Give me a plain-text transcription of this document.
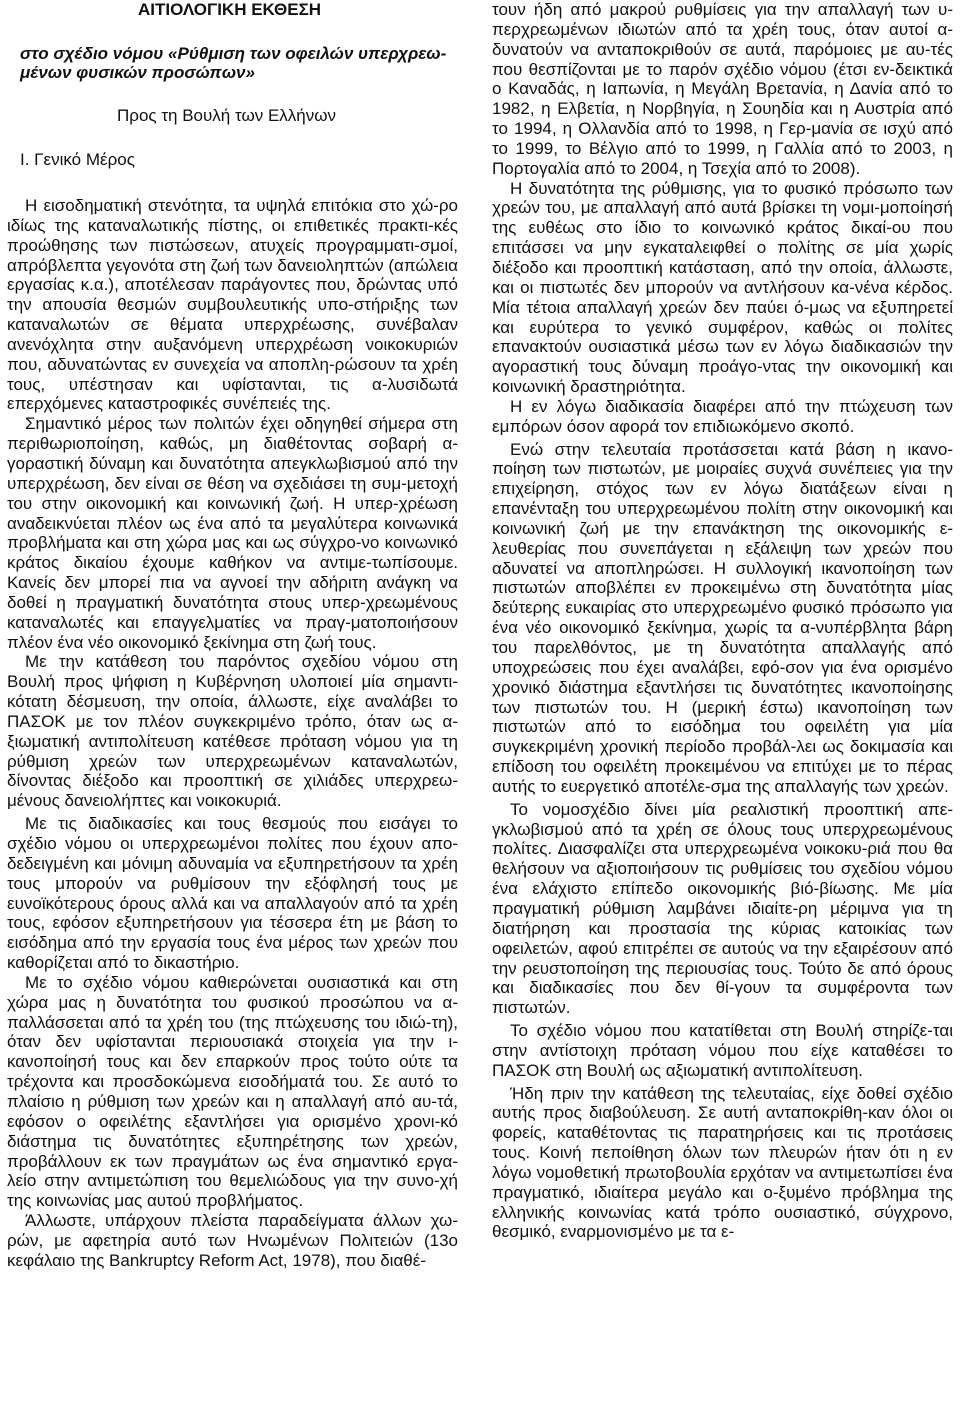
ΑΙΤΙΟΛΟΓΙΚΗ ΕΚΘΕΣΗ
στο σχέδιο νόμου «Ρύθμιση των οφειλών υπερχρεω-
μένων φυσικών προσώπων»
Προς τη Βουλή των Ελλήνων
Ι. Γενικό Μέρος

Η εισοδηματική στενότητα, τα υψηλά επιτόκια στο χώ-ρο ιδίως της καταναλωτικής πίστης, οι επιθετικές πρακτι-κές προώθησης των πιστώσεων, ατυχείς προγραμματι-σμοί, απρόβλεπτα γεγονότα στη ζωή των δανειοληπτών (απώλεια εργασίας κ.α.), αποτέλεσαν παράγοντες που, δρώντας υπό την απουσία θεσμών συμβουλευτικής υπο-στήριξης των καταναλωτών σε θέματα υπερχρέωσης, συνέβαλαν ανενόχλητα στην αυξανόμενη υπερχρέωση νοικοκυριών που, αδυνατώντας εν συνεχεία να αποπλη-ρώσουν τα χρέη τους, υπέστησαν και υφίστανται, τις α-λυσιδωτά επερχόμενες καταστροφικές συνέπειές της.

Σημαντικό μέρος των πολιτών έχει οδηγηθεί σήμερα στη περιθωριοποίηση, καθώς, μη διαθέτοντας σοβαρή α-γοραστική δύναμη και δυνατότητα απεγκλωβισμού από την υπερχρέωση, δεν είναι σε θέση να σχεδιάσει τη συμ-μετοχή του στην οικονομική και κοινωνική ζωή. Η υπερ-χρέωση αναδεικνύεται πλέον ως ένα από τα μεγαλύτερα κοινωνικά προβλήματα και στη χώρα μας και ως σύγχρο-νο κοινωνικό κράτος δικαίου έχουμε καθήκον να αντιμε-τωπίσουμε. Κανείς δεν μπορεί πια να αγνοεί την αδήριτη ανάγκη να δοθεί η πραγματική δυνατότητα στους υπερ-χρεωμένους καταναλωτές και επαγγελματίες να πραγ-ματοποιήσουν πλέον ένα νέο οικονομικό ξεκίνημα στη ζωή τους.

Με την κατάθεση του παρόντος σχεδίου νόμου στη Βουλή προς ψήφιση η Κυβέρνηση υλοποιεί μία σημαντι-κότατη δέσμευση, την οποία, άλλωστε, είχε αναλάβει το ΠΑΣΟΚ με τον πλέον συγκεκριμένο τρόπο, όταν ως α-ξιωματική αντιπολίτευση κατέθεσε πρόταση νόμου για τη ρύθμιση χρεών των υπερχρεωμένων καταναλωτών, δίνοντας διέξοδο και προοπτική σε χιλιάδες υπερχρεω-μένους δανειολήπτες και νοικοκυριά.

Με τις διαδικασίες και τους θεσμούς που εισάγει το σχέδιο νόμου οι υπερχρεωμένοι πολίτες που έχουν απο-δεδειγμένη και μόνιμη αδυναμία να εξυπηρετήσουν τα χρέη τους μπορούν να ρυθμίσουν την εξόφλησή τους με ευνοϊκότερους όρους αλλά και να απαλλαγούν από τα χρέη τους, εφόσον εξυπηρετήσουν για τέσσερα έτη με βάση το εισόδημα από την εργασία τους ένα μέρος των χρεών που καθορίζεται από το δικαστήριο.

Με το σχέδιο νόμου καθιερώνεται ουσιαστικά και στη χώρα μας η δυνατότητα του φυσικού προσώπου να α-παλλάσσεται από τα χρέη του (της πτώχευσης του ιδιώ-τη), όταν δεν υφίστανται περιουσιακά στοιχεία για την ι-κανοποίησή τους και δεν επαρκούν προς τούτο ούτε τα τρέχοντα και προσδοκώμενα εισοδήματά του. Σε αυτό το πλαίσιο η ρύθμιση των χρεών και η απαλλαγή από αυ-τά, εφόσον ο οφειλέτης εξαντλήσει για ορισμένο χρονι-κό διάστημα τις δυνατότητες εξυπηρέτησης των χρεών, προβάλλουν εκ των πραγμάτων ως ένα σημαντικό εργα-λείο στην αντιμετώπιση του θεμελιώδους για την συνο-χή της κοινωνίας μας αυτού προβλήματος.

Άλλωστε, υπάρχουν πλείστα παραδείγματα άλλων χω-ρών, με αφετηρία αυτό των Ηνωμένων Πολιτειών (13ο κεφάλαιο της Bankruptcy Reform Act, 1978), που διαθέ-

τουν ήδη από μακρού ρυθμίσεις για την απαλλαγή των υ-περχρεωμένων ιδιωτών από τα χρέη τους, όταν αυτοί α-δυνατούν να ανταποκριθούν σε αυτά, παρόμοιες με αυ-τές που θεσπίζονται με το παρόν σχέδιο νόμου (έτσι εν-δεικτικά ο Καναδάς, η Ιαπωνία, η Μεγάλη Βρετανία, η Δανία από το 1982, η Ελβετία, η Νορβηγία, η Σουηδία και η Αυστρία από το 1994, η Ολλανδία από το 1998, η Γερ-μανία σε ισχύ από το 1999, το Βέλγιο από το 1999, η Γαλλία από το 2003, η Πορτογαλία από το 2004, η Τσεχία από το 2008).

Η δυνατότητα της ρύθμισης, για το φυσικό πρόσωπο των χρεών του, με απαλλαγή από αυτά βρίσκει τη νομι-μοποίησή της ευθέως στο ίδιο το κοινωνικό κράτος δικαί-ου που επιτάσσει να μην εγκαταλειφθεί ο πολίτης σε μία χωρίς διέξοδο και προοπτική κατάσταση, από την οποία, άλλωστε, και οι πιστωτές δεν μπορούν να αντλήσουν κα-νένα κέρδος. Μία τέτοια απαλλαγή χρεών δεν παύει ό-μως να εξυπηρετεί και ευρύτερα το γενικό συμφέρον, καθώς οι πολίτες επανακτούν ουσιαστικά μέσω των εν λόγω διαδικασιών την αγοραστική τους δύναμη προάγο-ντας την οικονομική και κοινωνική δραστηριότητα.

Η εν λόγω διαδικασία διαφέρει από την πτώχευση των εμπόρων όσον αφορά τον επιδιωκόμενο σκοπό.

Ενώ στην τελευταία προτάσσεται κατά βάση η ικανο-ποίηση των πιστωτών, με μοιραίες συχνά συνέπειες για την επιχείρηση, στόχος των εν λόγω διατάξεων είναι η επανένταξη του υπερχρεωμένου πολίτη στην οικονομική και κοινωνική ζωή με την επανάκτηση της οικονομικής ε-λευθερίας που συνεπάγεται η εξάλειψη των χρεών που αδυνατεί να αποπληρώσει. Η συλλογική ικανοποίηση των πιστωτών αποβλέπει εν προκειμένω στη δυνατότητα μίας δεύτερης ευκαιρίας στο υπερχρεωμένο φυσικό πρόσωπο για ένα νέο οικονομικό ξεκίνημα, χωρίς τα α-νυπέρβλητα βάρη του παρελθόντος, με τη δυνατότητα απαλλαγής από υποχρεώσεις που έχει αναλάβει, εφό-σον για ένα ορισμένο χρονικό διάστημα εξαντλήσει τις δυνατότητες ικανοποίησης των πιστωτών του. Η (μερική έστω) ικανοποίηση των πιστωτών από το εισόδημα του οφειλέτη για μία συγκεκριμένη χρονική περίοδο προβάλ-λει ως δοκιμασία και επίδοση του οφειλέτη προκειμένου να επιτύχει με το πέρας αυτής το ευεργετικό αποτέλε-σμα της απαλλαγής των χρεών.

Το νομοσχέδιο δίνει μία ρεαλιστική προοπτική απε-γκλωβισμού από τα χρέη σε όλους τους υπερχρεωμένους πολίτες. Διασφαλίζει στα υπερχρεωμένα νοικοκυ-ριά που θα θελήσουν να αξιοποιήσουν τις ρυθμίσεις του σχεδίου νόμου ένα ελάχιστο επίπεδο οικονομικής βιό-βίωσης. Με μία πραγματική ρύθμιση λαμβάνει ιδιαίτε-ρη μέριμνα για τη διατήρηση και προστασία της κύριας κατοικίας των οφειλετών, αφού επιτρέπει σε αυτούς να την εξαιρέσουν από την ρευστοποίηση της περιουσίας τους. Τούτο δε από όρους και διαδικασίες που δεν θί-γουν τα συμφέροντα των πιστωτών.

Το σχέδιο νόμου που κατατίθεται στη Βουλή στηρίζε-ται στην αντίστοιχη πρόταση νόμου που είχε καταθέσει το ΠΑΣΟΚ στη Βουλή ως αξιωματική αντιπολίτευση.

Ήδη πριν την κατάθεση της τελευταίας, είχε δοθεί σχέδιο αυτής προς διαβούλευση. Σε αυτή ανταποκρίθη-καν όλοι οι φορείς, καταθέτοντας τις παρατηρήσεις και τις προτάσεις τους. Κοινή πεποίθηση όλων των πλευρών ήταν ότι η εν λόγω νομοθετική πρωτοβουλία ερχόταν να αντιμετωπίσει ένα πραγματικό, ιδιαίτερα μεγάλο και ο-ξυμένο πρόβλημα της ελληνικής κοινωνίας κατά τρόπο ουσιαστικό, σύγχρονο, θεσμικό, εναρμονισμένο με τα ε-
